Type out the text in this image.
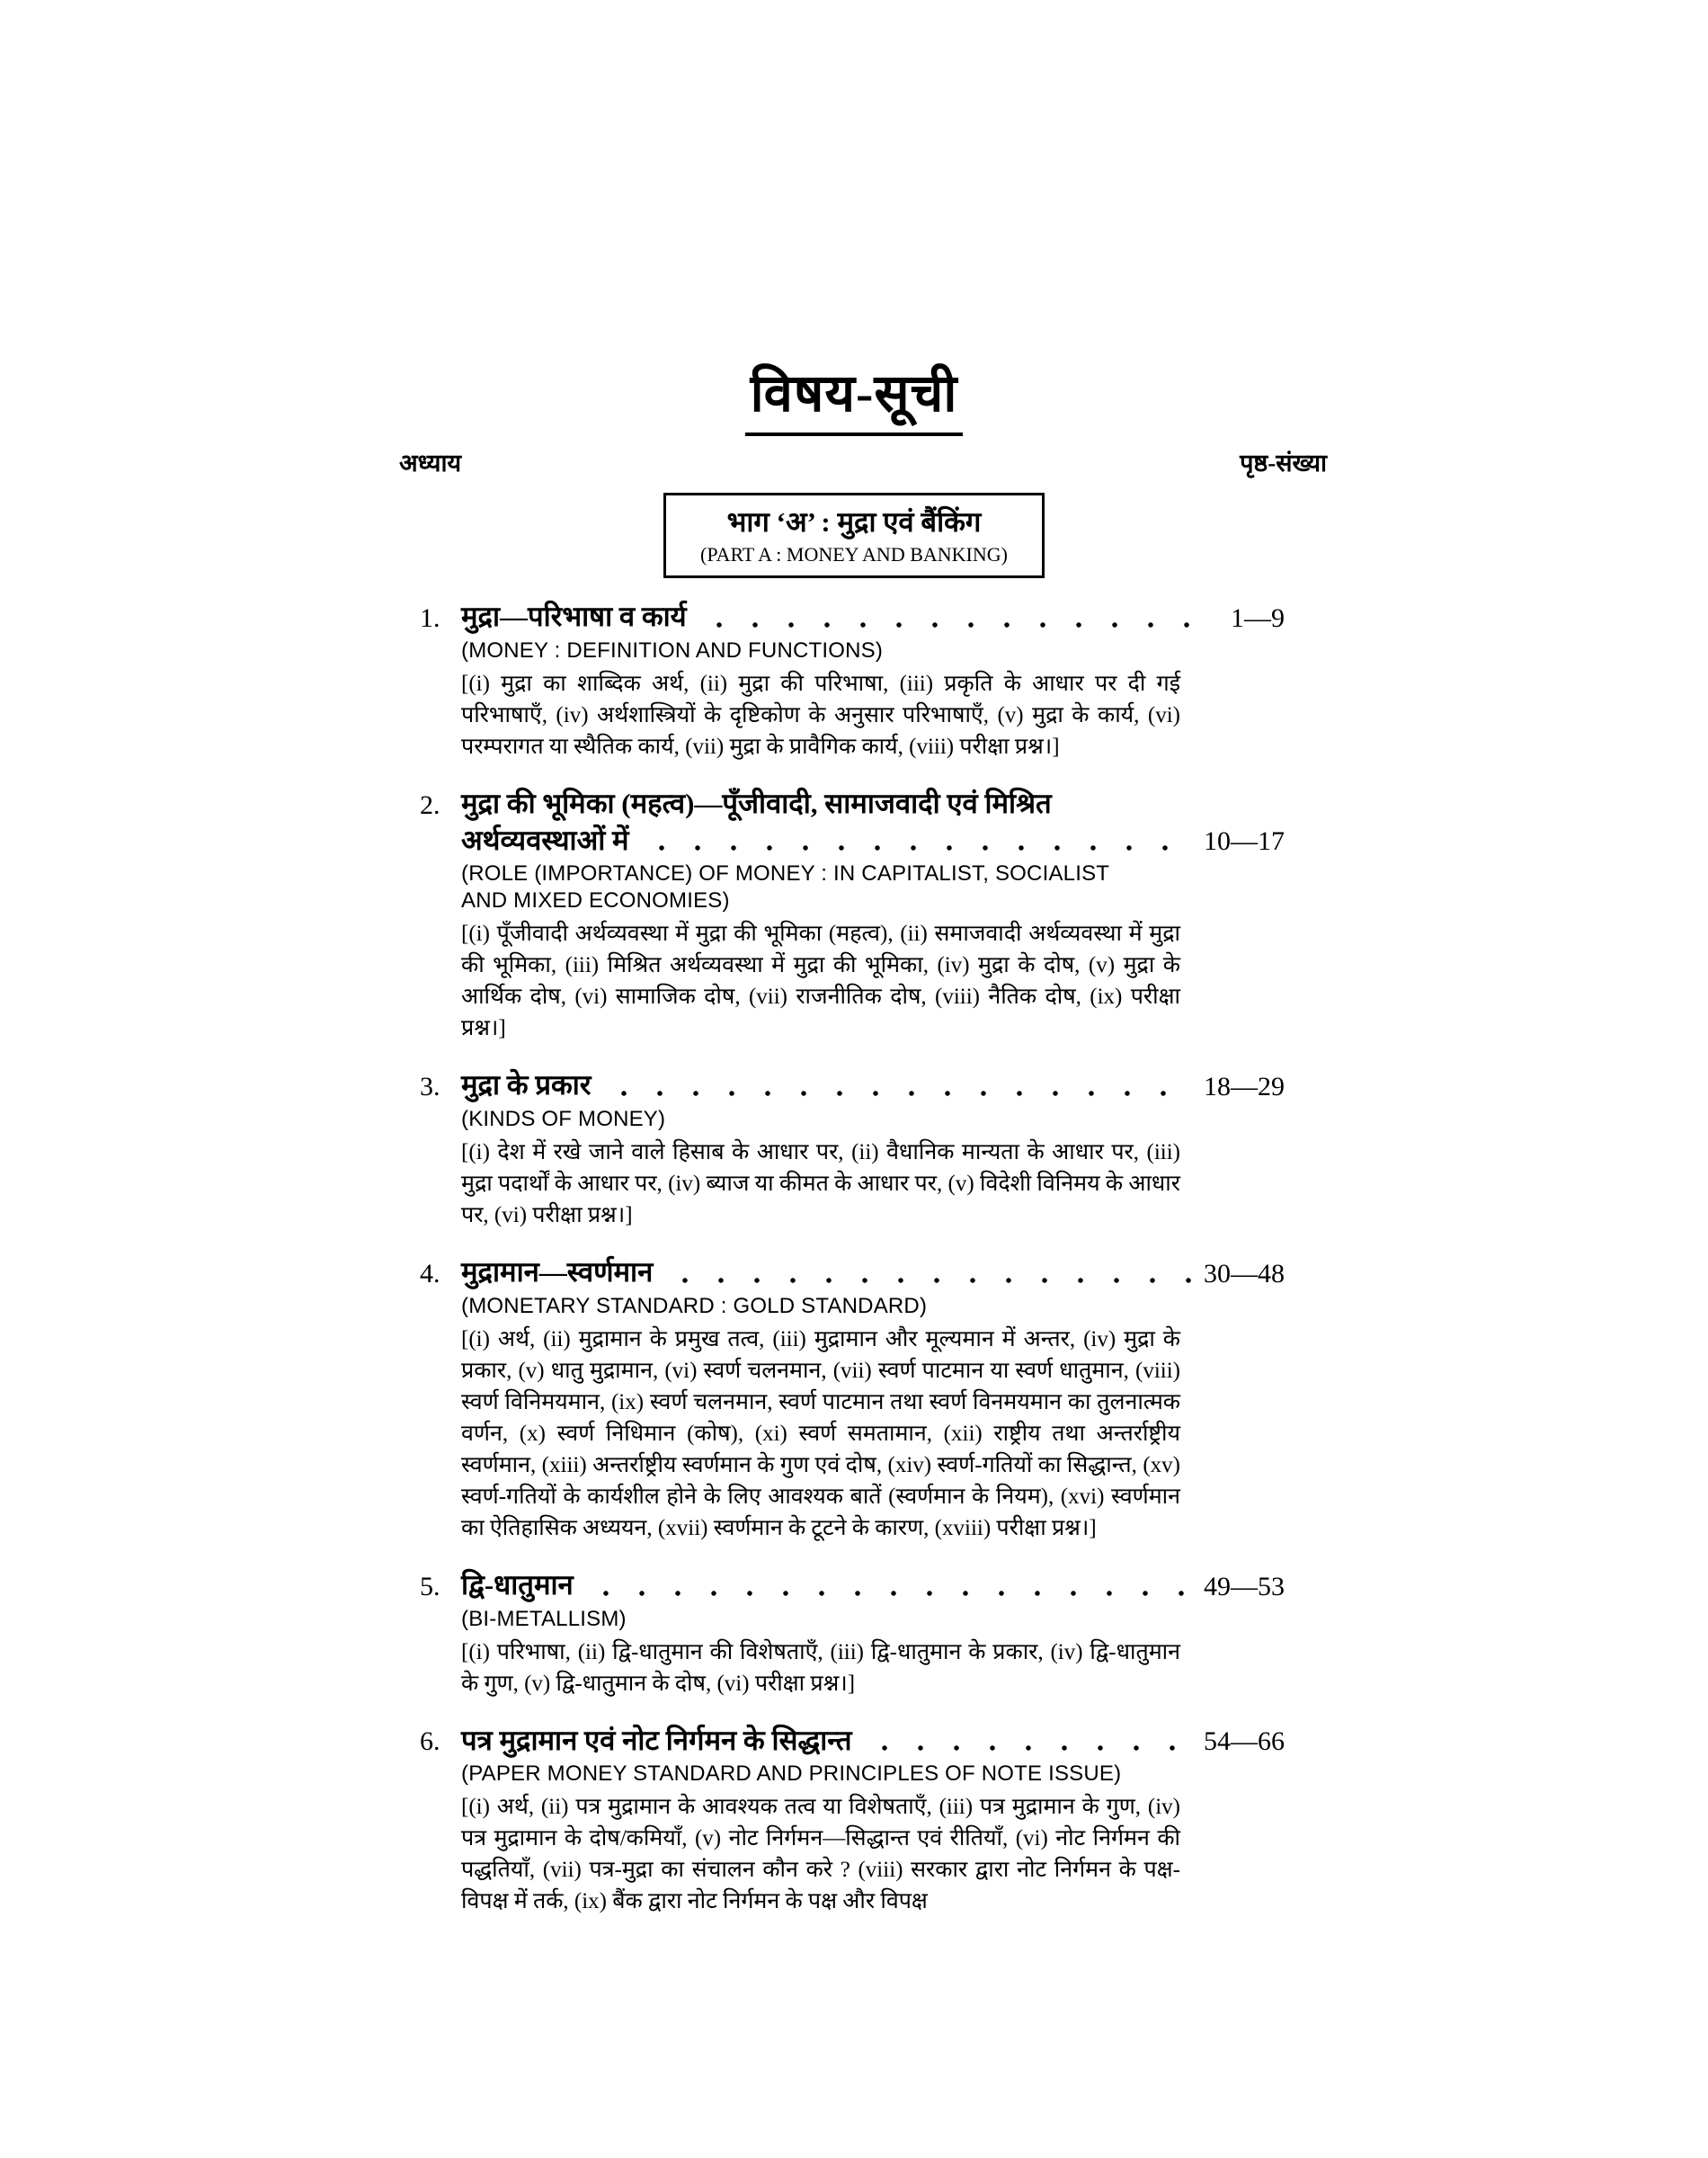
विषय-सूची
अध्याय	पृष्ठ-संख्या
भाग ‘अ’ : मुद्रा एवं बैंकिंग
(PART A : MONEY AND BANKING)
1. मुद्रा—परिभाषा व कार्य	1—9
(MONEY : DEFINITION AND FUNCTIONS)
[(i) मुद्रा का शाब्दिक अर्थ, (ii) मुद्रा की परिभाषा, (iii) प्रकृति के आधार पर दी गई परिभाषाएँ, (iv) अर्थशास्त्रियों के दृष्टिकोण के अनुसार परिभाषाएँ, (v) मुद्रा के कार्य, (vi) परम्परागत या स्थैतिक कार्य, (vii) मुद्रा के प्रावैगिक कार्य, (viii) परीक्षा प्रश्न।]
2. मुद्रा की भूमिका (महत्व)—पूँजीवादी, सामाजवादी एवं मिश्रित
अर्थव्यवस्थाओं में	10—17
(ROLE (IMPORTANCE) OF MONEY : IN CAPITALIST, SOCIALIST AND MIXED ECONOMIES)
[(i) पूँजीवादी अर्थव्यवस्था में मुद्रा की भूमिका (महत्व), (ii) समाजवादी अर्थव्यवस्था में मुद्रा की भूमिका, (iii) मिश्रित अर्थव्यवस्था में मुद्रा की भूमिका, (iv) मुद्रा के दोष, (v) मुद्रा के आर्थिक दोष, (vi) सामाजिक दोष, (vii) राजनीतिक दोष, (viii) नैतिक दोष, (ix) परीक्षा प्रश्न।]
3. मुद्रा के प्रकार	18—29
(KINDS OF MONEY)
[(i) देश में रखे जाने वाले हिसाब के आधार पर, (ii) वैधानिक मान्यता के आधार पर, (iii) मुद्रा पदार्थों के आधार पर, (iv) ब्याज या कीमत के आधार पर, (v) विदेशी विनिमय के आधार पर, (vi) परीक्षा प्रश्न।]
4. मुद्रामान—स्वर्णमान	30—48
(MONETARY STANDARD : GOLD STANDARD)
[(i) अर्थ, (ii) मुद्रामान के प्रमुख तत्व, (iii) मुद्रामान और मूल्यमान में अन्तर, (iv) मुद्रा के प्रकार, (v) धातु मुद्रामान, (vi) स्वर्ण चलनमान, (vii) स्वर्ण पाटमान या स्वर्ण धातुमान, (viii) स्वर्ण विनिमयमान, (ix) स्वर्ण चलनमान, स्वर्ण पाटमान तथा स्वर्ण विनमयमान का तुलनात्मक वर्णन, (x) स्वर्ण निधिमान (कोष), (xi) स्वर्ण समतामान, (xii) राष्ट्रीय तथा अन्तर्राष्ट्रीय स्वर्णमान, (xiii) अन्तर्राष्ट्रीय स्वर्णमान के गुण एवं दोष, (xiv) स्वर्ण-गतियों का सिद्धान्त, (xv) स्वर्ण-गतियों के कार्यशील होने के लिए आवश्यक बातें (स्वर्णमान के नियम), (xvi) स्वर्णमान का ऐतिहासिक अध्ययन, (xvii) स्वर्णमान के टूटने के कारण, (xviii) परीक्षा प्रश्न।]
5. द्वि-धातुमान	49—53
(BI-METALLISM)
[(i) परिभाषा, (ii) द्वि-धातुमान की विशेषताएँ, (iii) द्वि-धातुमान के प्रकार, (iv) द्वि-धातुमान के गुण, (v) द्वि-धातुमान के दोष, (vi) परीक्षा प्रश्न।]
6. पत्र मुद्रामान एवं नोट निर्गमन के सिद्धान्त	54—66
(PAPER MONEY STANDARD AND PRINCIPLES OF NOTE ISSUE)
[(i) अर्थ, (ii) पत्र मुद्रामान के आवश्यक तत्व या विशेषताएँ, (iii) पत्र मुद्रामान के गुण, (iv) पत्र मुद्रामान के दोष/कमियाँ, (v) नोट निर्गमन—सिद्धान्त एवं रीतियाँ, (vi) नोट निर्गमन की पद्धतियाँ, (vii) पत्र-मुद्रा का संचालन कौन करे ? (viii) सरकार द्वारा नोट निर्गमन के पक्ष-विपक्ष में तर्क, (ix) बैंक द्वारा नोट निर्गमन के पक्ष और विपक्ष
